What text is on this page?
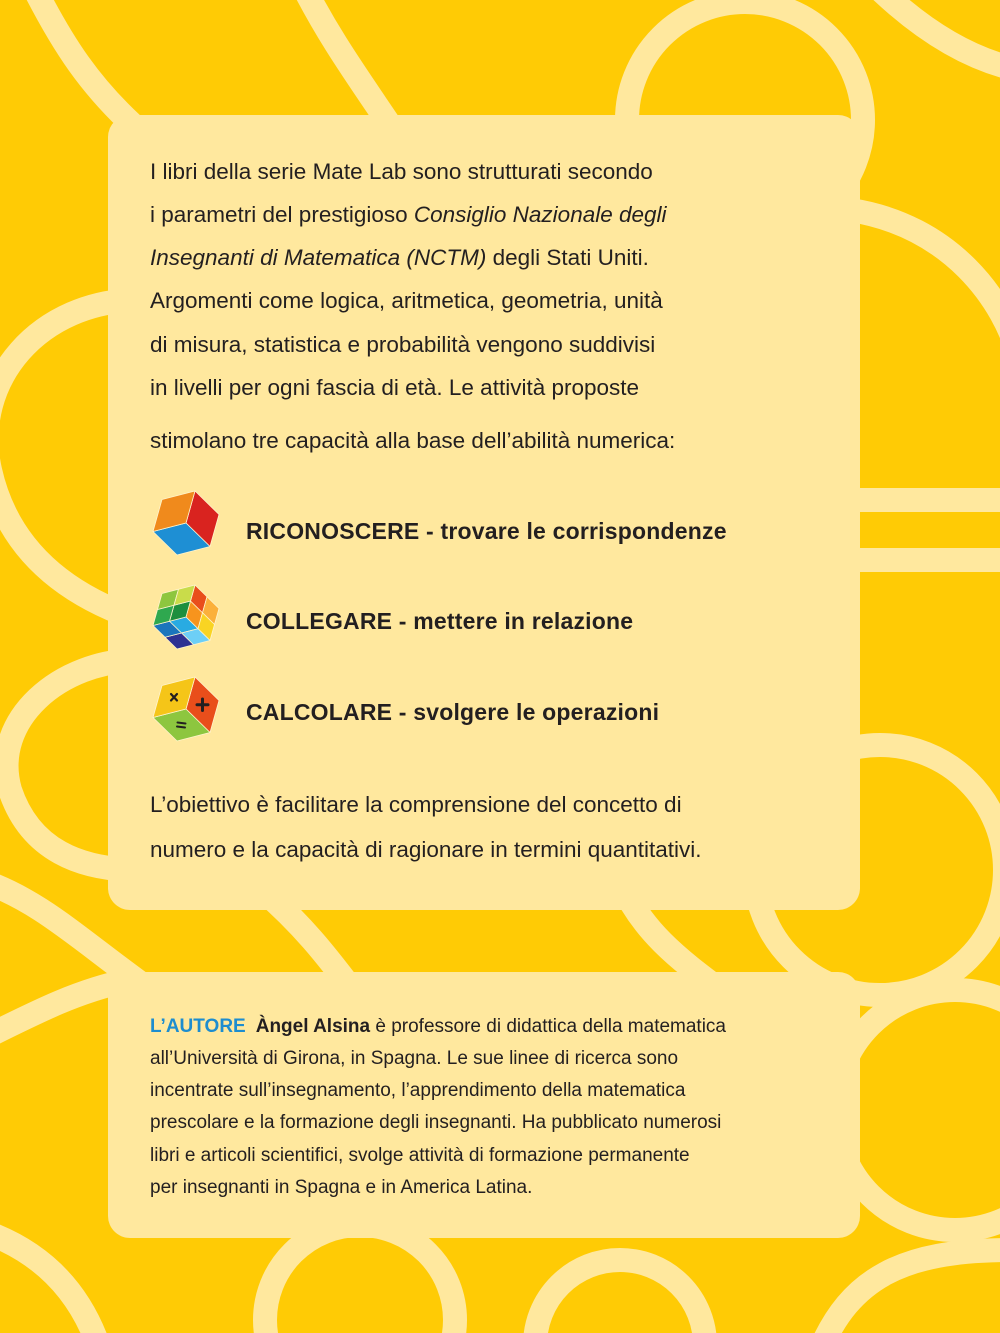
I libri della serie Mate Lab sono strutturati secondo
i parametri del prestigioso Consiglio Nazionale degli
Insegnanti di Matematica (NCTM) degli Stati Uniti.
Argomenti come logica, aritmetica, geometria, unità
di misura, statistica e probabilità vengono suddivisi
in livelli per ogni fascia di età. Le attività proposte
stimolano tre capacità alla base dell’abilità numerica:
RICONOSCERE - trovare le corrispondenze
COLLEGARE - mettere in relazione
CALCOLARE - svolgere le operazioni
L’obiettivo è facilitare la comprensione del concetto di
numero e la capacità di ragionare in termini quantitativi.
L’AUTORE Àngel Alsina è professore di didattica della matematica
all’Università di Girona, in Spagna. Le sue linee di ricerca sono
incentrate sull’insegnamento, l’apprendimento della matematica
prescolare e la formazione degli insegnanti. Ha pubblicato numerosi
libri e articoli scientifici, svolge attività di formazione permanente
per insegnanti in Spagna e in America Latina.
